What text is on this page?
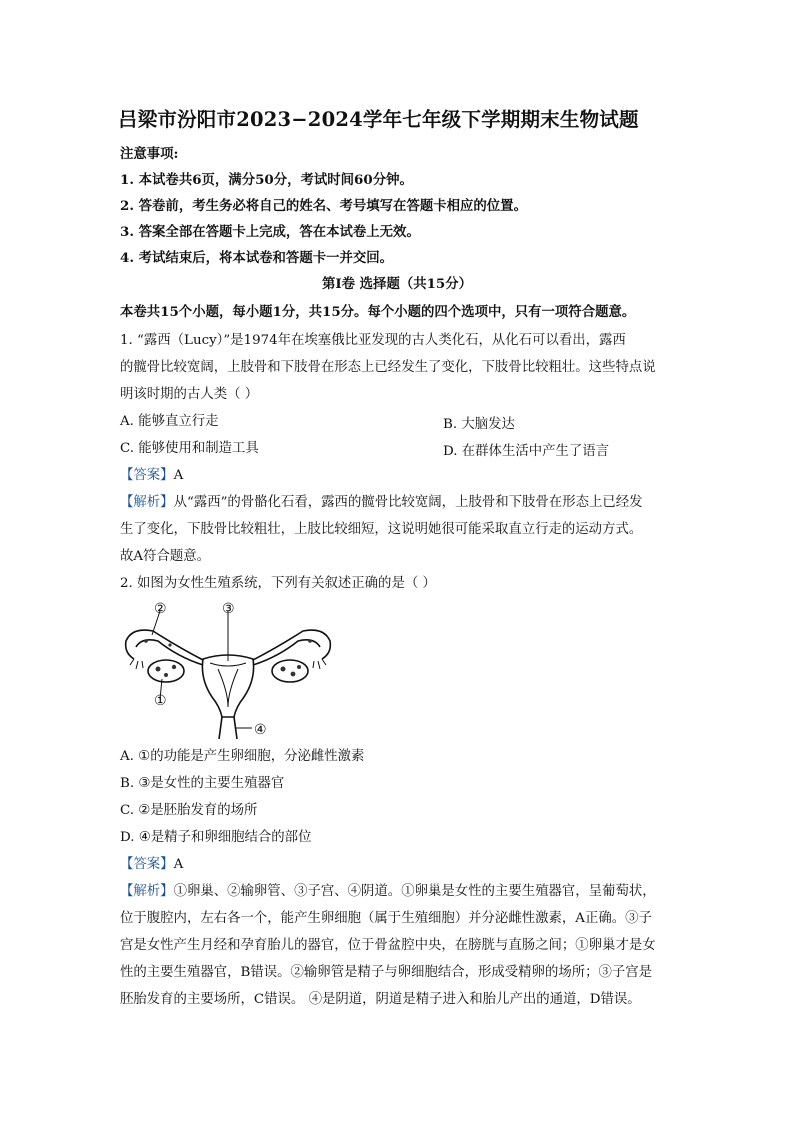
吕梁市汾阳市2023−2024学年七年级下学期期末生物试题
注意事项:
1. 本试卷共6页，满分50分，考试时间60分钟。
2. 答卷前，考生务必将自己的姓名、考号填写在答题卡相应的位置。
3. 答案全部在答题卡上完成，答在本试卷上无效。
4. 考试结束后，将本试卷和答题卡一并交回。
第Ⅰ卷 选择题（共15分）
本卷共15个小题，每小题1分，共15分。每个小题的四个选项中，只有一项符合题意。
1. “露西（Lucy）”是1974年在埃塞俄比亚发现的古人类化石，从化石可以看出，露西
的髋骨比较宽阔，上肢骨和下肢骨在形态上已经发生了变化，下肢骨比较粗壮。这些特点说
明该时期的古人类（ ）
A. 能够直立行走	B. 大脑发达
C. 能够使用和制造工具	D. 在群体生活中产生了语言
【答案】A
【解析】从“露西”的骨骼化石看，露西的髋骨比较宽阔，上肢骨和下肢骨在形态上已经发
生了变化，下肢骨比较粗壮，上肢比较细短，这说明她很可能采取直立行走的运动方式。
故A符合题意。
2. 如图为女性生殖系统，下列有关叙述正确的是（ ）
①
②	③
④
A. ①的功能是产生卵细胞，分泌雌性激素
B. ③是女性的主要生殖器官
C. ②是胚胎发育的场所
D. ④是精子和卵细胞结合的部位
【答案】A
【解析】①卵巢、②输卵管、③子宫、④阴道。①卵巢是女性的主要生殖器官，呈葡萄状，
位于腹腔内，左右各一个，能产生卵细胞（属于生殖细胞）并分泌雌性激素，A正确。③子
宫是女性产生月经和孕育胎儿的器官，位于骨盆腔中央，在膀胱与直肠之间；①卵巢才是女
性的主要生殖器官，B错误。②输卵管是精子与卵细胞结合，形成受精卵的场所；③子宫是
胚胎发育的主要场所，C错误。 ④是阴道，阴道是精子进入和胎儿产出的通道，D错误。
